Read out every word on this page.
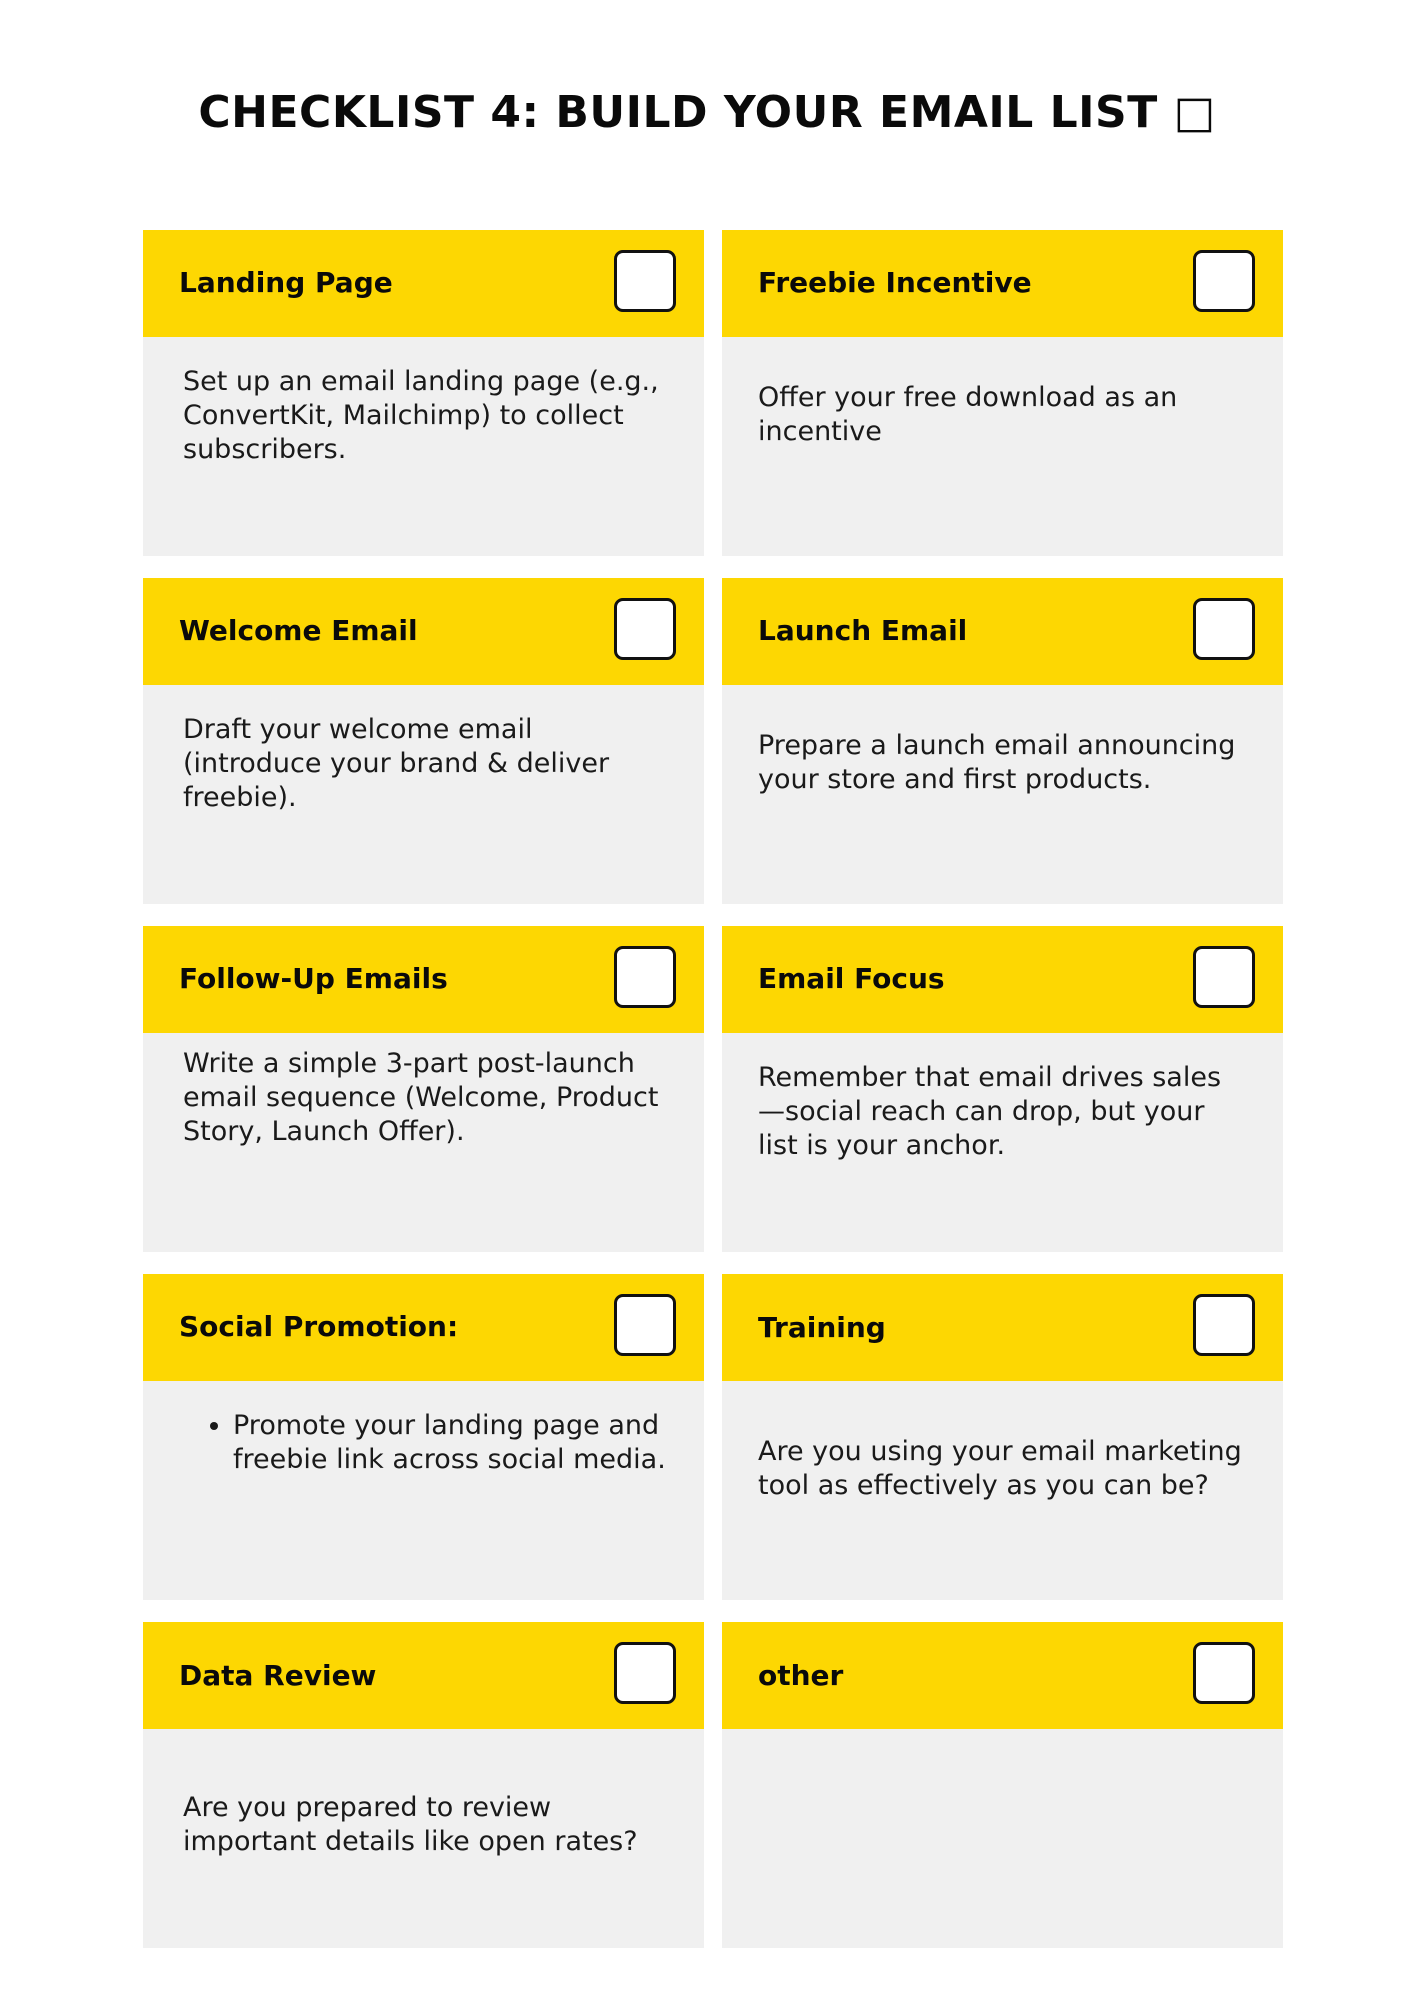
CHECKLIST 4: BUILD YOUR EMAIL LIST □
Landing Page

Set up an email landing page (e.g., ConvertKit, Mailchimp) to collect subscribers.

Freebie Incentive

Offer your free download as an incentive

Welcome Email

Draft your welcome email (introduce your brand & deliver freebie).

Launch Email

Prepare a launch email announcing your store and first products.

Follow-Up Emails

Write a simple 3-part post-launch email sequence (Welcome, Product Story, Launch Offer).

Email Focus

Remember that email drives sales—social reach can drop, but your list is your anchor.

Social Promotion:
• Promote your landing page and freebie link across social media.
Training

Are you using your email marketing tool as effectively as you can be?

Data Review

Are you prepared to review important details like open rates?

other
